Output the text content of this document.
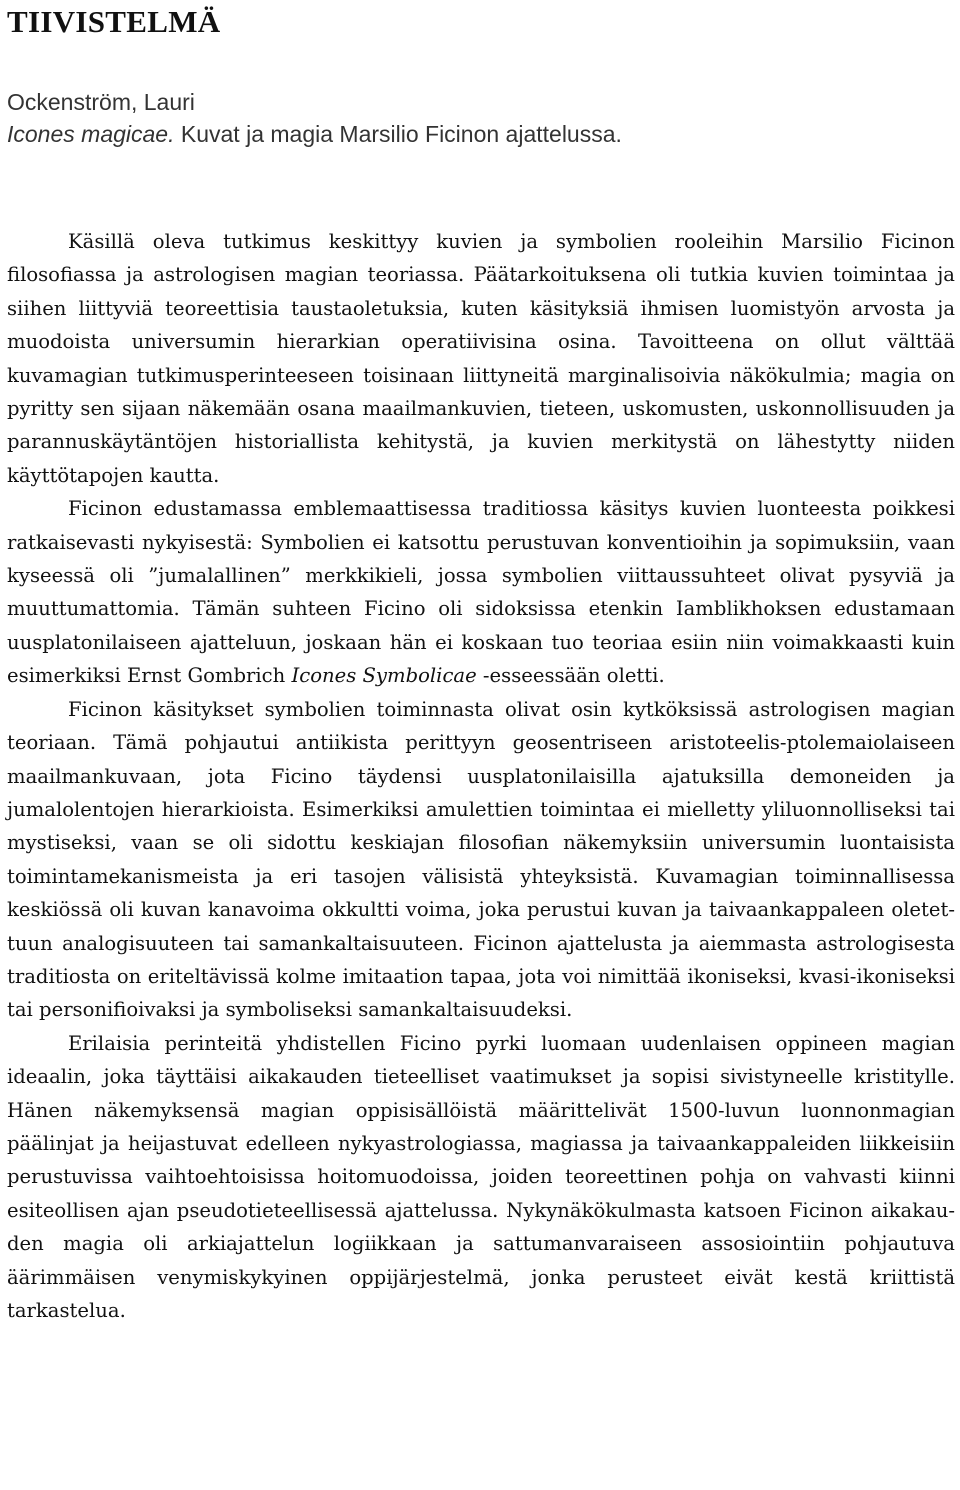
TIIVISTELMÄ
Ockenström, Lauri
Icones magicae. Kuvat ja magia Marsilio Ficinon ajattelussa.

Käsillä oleva tutkimus keskittyy kuvien ja symbolien rooleihin Marsilio Ficinon filosofiassa ja astrologisen magian teoriassa. Päätarkoituksena oli tutkia kuvien toimintaa ja siihen liittyviä teoreettisia taustaoletuksia, kuten käsityksiä ihmisen luomistyön arvosta ja muodoista universumin hierarkian operatiivisina osina. Tavoitteena on ollut välttää kuvamagian tutkimusperinteeseen toisinaan liittyneitä marginalisoivia näkökulmia; magia on pyritty sen sijaan näkemään osana maailmankuvien, tieteen, uskomusten, uskonnollisuuden ja parannuskäytäntöjen historiallista kehitystä, ja kuvien merkitystä on lähestytty niiden käyttötapojen kautta.

Ficinon edustamassa emblemaattisessa traditiossa käsitys kuvien luonteesta poikkesi ratkaisevasti nykyisestä: Symbolien ei katsottu perustuvan konventioihin ja sopimuksiin, vaan kyseessä oli ”jumalallinen” merkkikieli, jossa symbolien viittaussuhteet olivat pysyviä ja muuttumattomia. Tämän suhteen Ficino oli sidoksissa etenkin Iamblikhoksen edustamaan uusplatonilaiseen ajatteluun, joskaan hän ei koskaan tuo teoriaa esiin niin voimakkaasti kuin esimerkiksi Ernst Gombrich Icones Symbolicae -esseessään oletti.

Ficinon käsitykset symbolien toiminnasta olivat osin kytköksissä astrologisen magian teoriaan. Tämä pohjautui antiikista perittyyn geosentriseen aristoteelis-ptolemaiolaiseen maailmankuvaan, jota Ficino täydensi uusplatonilaisilla ajatuksilla demoneiden ja jumalolentojen hierarkioista. Esimerkiksi amulettien toimintaa ei mielletty yliluonnolliseksi tai mystiseksi, vaan se oli sidottu keskiajan filosofian näkemyksiin universumin luontaisista toimintamekanismeista ja eri tasojen välisistä yhteyksistä. Kuvamagian toiminnallisessa keskiössä oli kuvan kanavoima okkultti voima, joka perustui kuvan ja taivaankappaleen oletettuun analogisuuteen tai samankaltaisuuteen. Ficinon ajattelusta ja aiemmasta astrologisesta traditiosta on eriteltävissä kolme imitaation tapaa, jota voi nimittää ikoniseksi, kvasi-ikoniseksi tai personifioivaksi ja symboliseksi samankaltaisuudeksi.

Erilaisia perinteitä yhdistellen Ficino pyrki luomaan uudenlaisen oppineen magian ideaalin, joka täyttäisi aikakauden tieteelliset vaatimukset ja sopisi sivistyneelle kristitylle. Hänen näkemyksensä magian oppisisällöistä määrittelivät 1500-luvun luonnonmagian päälinjat ja heijastuvat edelleen nykyastrologiassa, magiassa ja taivaankappaleiden liikkeisiin perustuvissa vaihtoehtoisissa hoitomuodoissa, joiden teoreettinen pohja on vahvasti kiinni esiteollisen ajan pseudotieteellisessä ajattelussa. Nykynäkökulmasta katsoen Ficinon aikakauden magia oli arkiajattelun logiikkaan ja sattumanvaraiseen assosiointiin pohjautuva äärimmäisen venymiskykyinen oppijärjestelmä, jonka perusteet eivät kestä kriittistä tarkastelua.
